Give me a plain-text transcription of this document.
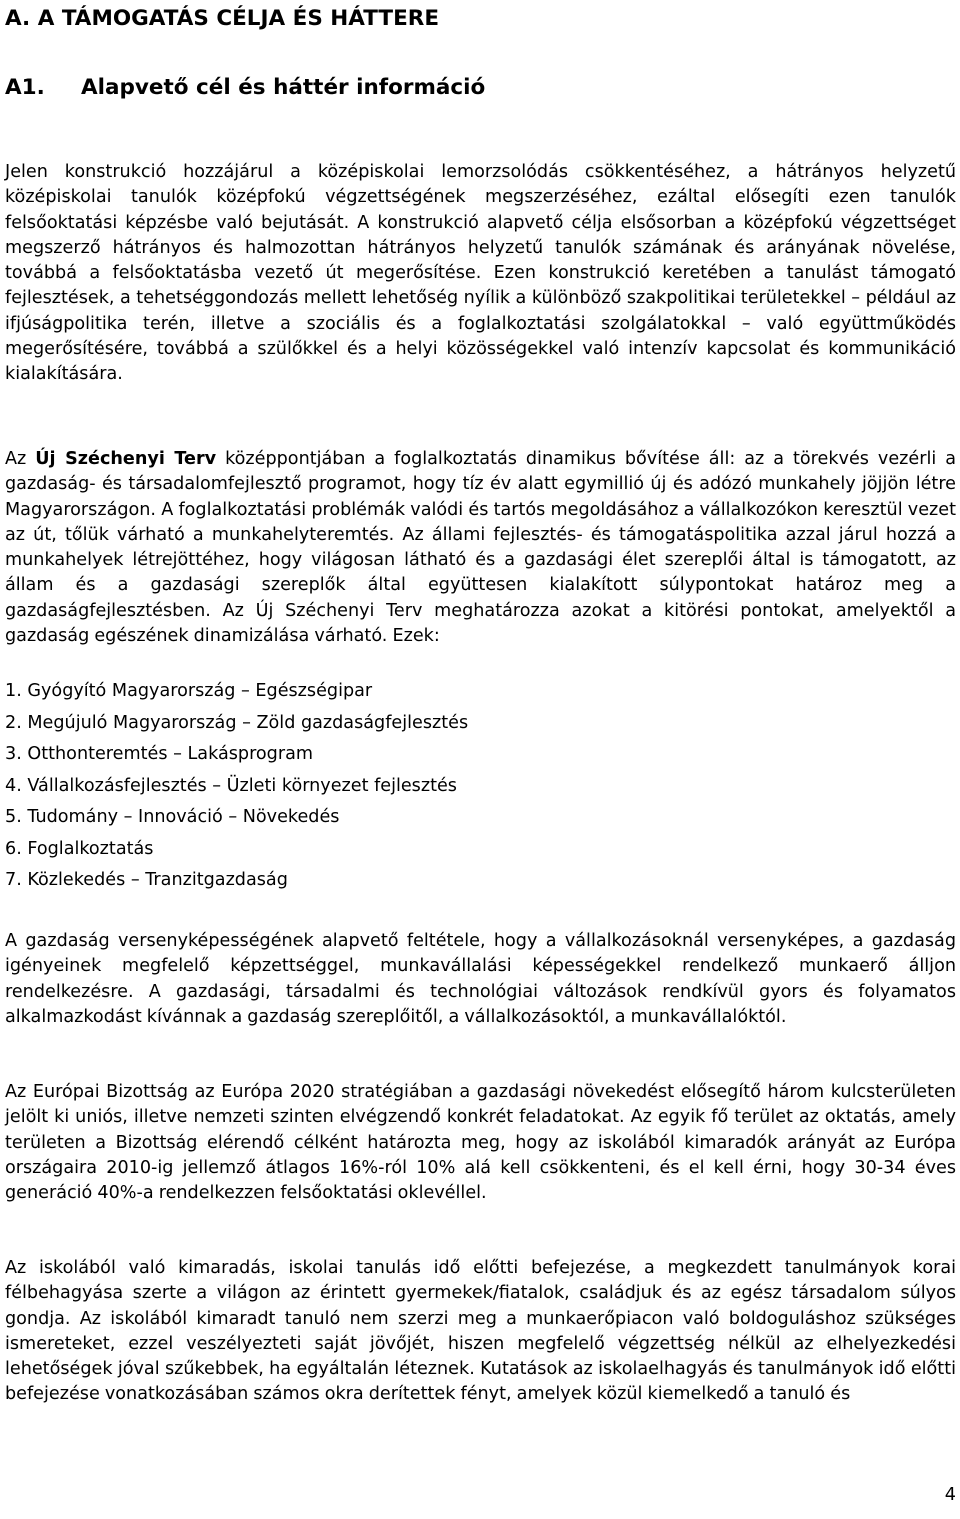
A. A TÁMOGATÁS CÉLJA ÉS HÁTTERE
A1. Alapvető cél és háttér információ

Jelen konstrukció hozzájárul a középiskolai lemorzsolódás csökkentéséhez, a hátrányos helyzetű középiskolai tanulók középfokú végzettségének megszerzéséhez, ezáltal elősegíti ezen tanulók felsőoktatási képzésbe való bejutását. A konstrukció alapvető célja elsősorban a középfokú végzettséget megszerző hátrányos és halmozottan hátrányos helyzetű tanulók számának és arányának növelése, továbbá a felsőoktatásba vezető út megerősítése. Ezen konstrukció keretében a tanulást támogató fejlesztések, a tehetséggondozás mellett lehetőség nyílik a különböző szakpolitikai területekkel – például az ifjúságpolitika terén, illetve a szociális és a foglalkoztatási szolgálatokkal – való együttműködés megerősítésére, továbbá a szülőkkel és a helyi közösségekkel való intenzív kapcsolat és kommunikáció kialakítására.

Az Új Széchenyi Terv középpontjában a foglalkoztatás dinamikus bővítése áll: az a törekvés vezérli a gazdaság- és társadalomfejlesztő programot, hogy tíz év alatt egymillió új és adózó munkahely jöjjön létre Magyarországon. A foglalkoztatási problémák valódi és tartós megoldásához a vállalkozókon keresztül vezet az út, tőlük várható a munkahelyteremtés. Az állami fejlesztés- és támogatáspolitika azzal járul hozzá a munkahelyek létrejöttéhez, hogy világosan látható és a gazdasági élet szereplői által is támogatott, az állam és a gazdasági szereplők által együttesen kialakított súlypontokat határoz meg a gazdaságfejlesztésben. Az Új Széchenyi Terv meghatározza azokat a kitörési pontokat, amelyektől a gazdaság egészének dinamizálása várható. Ezek:

1. Gyógyító Magyarország – Egészségipar
2. Megújuló Magyarország – Zöld gazdaságfejlesztés
3. Otthonteremtés – Lakásprogram
4. Vállalkozásfejlesztés – Üzleti környezet fejlesztés
5. Tudomány – Innováció – Növekedés
6. Foglalkoztatás
7. Közlekedés – Tranzitgazdaság

A gazdaság versenyképességének alapvető feltétele, hogy a vállalkozásoknál versenyképes, a gazdaság igényeinek megfelelő képzettséggel, munkavállalási képességekkel rendelkező munkaerő álljon rendelkezésre. A gazdasági, társadalmi és technológiai változások rendkívül gyors és folyamatos alkalmazkodást kívánnak a gazdaság szereplőitől, a vállalkozásoktól, a munkavállalóktól.

Az Európai Bizottság az Európa 2020 stratégiában a gazdasági növekedést elősegítő három kulcsterületen jelölt ki uniós, illetve nemzeti szinten elvégzendő konkrét feladatokat. Az egyik fő terület az oktatás, amely területen a Bizottság elérendő célként határozta meg, hogy az iskolából kimaradók arányát az Európa országaira 2010-ig jellemző átlagos 16%-ról 10% alá kell csökkenteni, és el kell érni, hogy 30-34 éves generáció 40%-a rendelkezzen felsőoktatási oklevéllel.

Az iskolából való kimaradás, iskolai tanulás idő előtti befejezése, a megkezdett tanulmányok korai félbehagyása szerte a világon az érintett gyermekek/fiatalok, családjuk és az egész társadalom súlyos gondja. Az iskolából kimaradt tanuló nem szerzi meg a munkaerőpiacon való boldoguláshoz szükséges ismereteket, ezzel veszélyezteti saját jövőjét, hiszen megfelelő végzettség nélkül az elhelyezkedési lehetőségek jóval szűkebbek, ha egyáltalán léteznek. Kutatások az iskolaelhagyás és tanulmányok idő előtti befejezése vonatkozásában számos okra derítettek fényt, amelyek közül kiemelkedő a tanuló és

4
